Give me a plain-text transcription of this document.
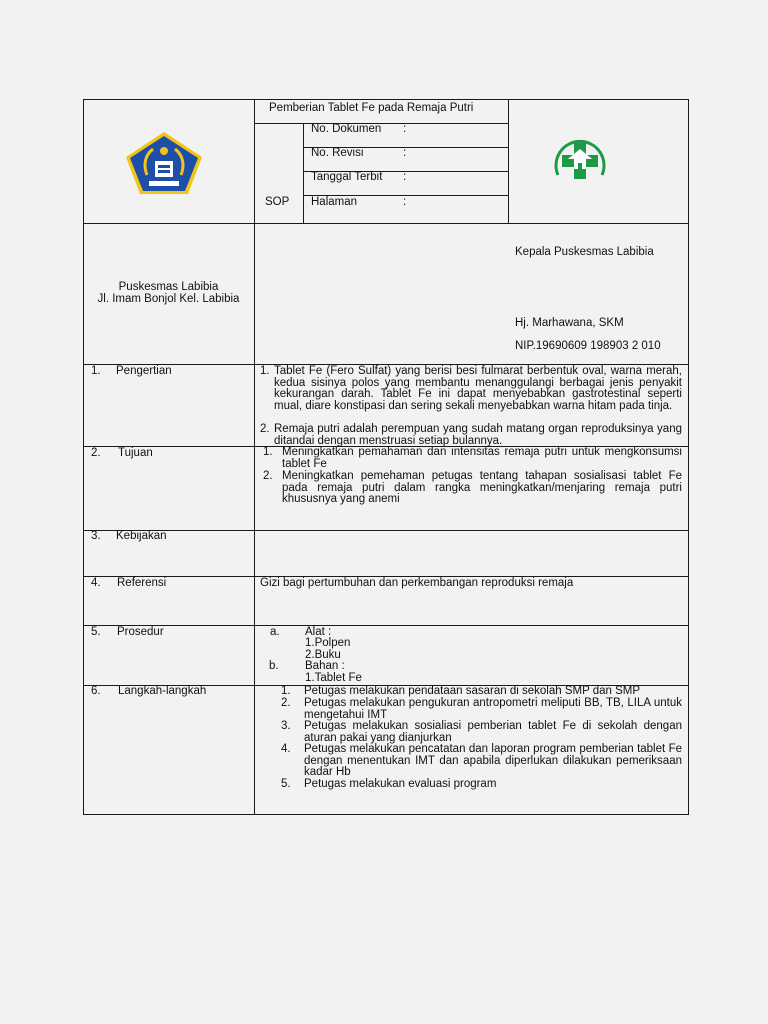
Pemberian Tablet Fe pada Remaja Putri
SOP
No. Dokumen :
No. Revisi	:
Tanggal Terbit :
Halaman	:
Puskesmas Labibia
Jl. Imam Bonjol Kel. Labibia
Kepala Puskesmas Labibia
Hj. Marhawana, SKM
NIP.19690609 198903 2 010
1. Pengertian
2. Tujuan
3. Kebijakan
4. Referensi
5. Prosedur
6. Langkah-langkah
1. Tablet Fe (Fero Sulfat) yang berisi besi fulmarat berbentuk oval, warna merah, kedua sisinya polos yang membantu menanggulangi berbagai jenis penyakit kekurangan darah. Tablet Fe ini dapat menyebabkan gastrotestinal seperti mual, diare konstipasi dan sering sekali menyebabkan warna hitam pada tinja.
2. Remaja putri adalah perempuan yang sudah matang organ reproduksinya yang ditandai dengan menstruasi setiap bulannya.
1. Meningkatkan pemahaman dan intensitas remaja putri untuk mengkonsumsi tablet Fe
2. Meningkatkan pemehaman petugas tentang tahapan sosialisasi tablet Fe pada remaja putri dalam rangka meningkatkan/menjaring remaja putri khususnya yang anemi
Gizi bagi pertumbuhan dan perkembangan reproduksi remaja
a. Alat :
1.Polpen
2.Buku
b. Bahan :
1.Tablet Fe
1. Petugas melakukan pendataan sasaran di sekolah SMP dan SMP
2. Petugas melakukan pengukuran antropometri meliputi BB, TB, LILA untuk mengetahui IMT
3. Petugas melakukan sosialiasi pemberian tablet Fe di sekolah dengan aturan pakai yang dianjurkan
4. Petugas melakukan pencatatan dan laporan program pemberian tablet Fe dengan menentukan IMT dan apabila diperlukan dilakukan pemeriksaan kadar Hb
5. Petugas melakukan evaluasi program
